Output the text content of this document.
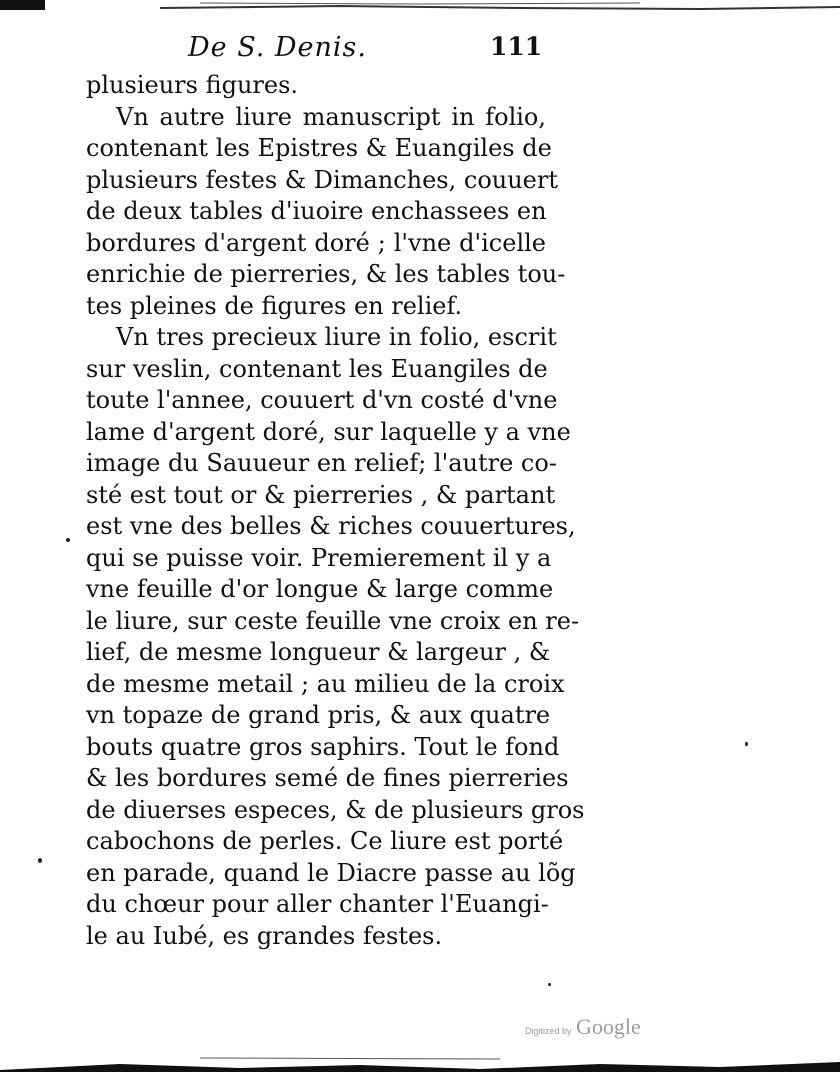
De S. Denis.	111
plusieurs figures.
Vn autre liure manuscript in folio,
contenant les Epistres & Euangiles de
plusieurs festes & Dimanches, couuert
de deux tables d'iuoire enchassees en
bordures d'argent doré ; l'vne d'icelle
enrichie de pierreries, & les tables tou-
tes pleines de figures en relief.
Vn tres precieux liure in folio, escrit
sur veslin, contenant les Euangiles de
toute l'annee, couuert d'vn costé d'vne
lame d'argent doré, sur laquelle y a vne
image du Sauueur en relief; l'autre co-
sté est tout or & pierreries , & partant
est vne des belles & riches couuertures,
qui se puisse voir. Premierement il y a
vne feuille d'or longue & large comme
le liure, sur ceste feuille vne croix en re-
lief, de mesme longueur & largeur , &
de mesme metail ; au milieu de la croix
vn topaze de grand pris, & aux quatre
bouts quatre gros saphirs. Tout le fond
& les bordures semé de fines pierreries
de diuerses especes, & de plusieurs gros
cabochons de perles. Ce liure est porté
en parade, quand le Diacre passe au lõg
du chœur pour aller chanter l'Euangi-
le au Iubé, es grandes festes.
Digitized by Google
